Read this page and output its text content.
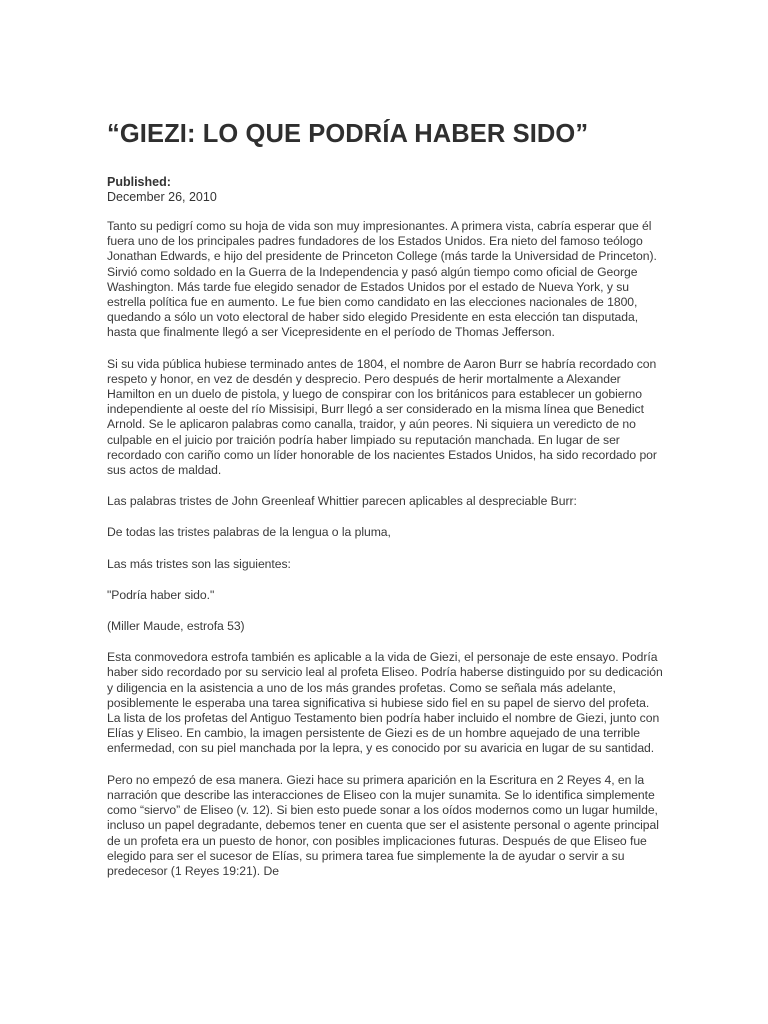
“GIEZI: LO QUE PODRÍA HABER SIDO”
Published:
December 26, 2010

Tanto su pedigrí como su hoja de vida son muy impresionantes. A primera vista, cabría esperar que él fuera uno de los principales padres fundadores de los Estados Unidos. Era nieto del famoso teólogo Jonathan Edwards, e hijo del presidente de Princeton College (más tarde la Universidad de Princeton). Sirvió como soldado en la Guerra de la Independencia y pasó algún tiempo como oficial de George Washington. Más tarde fue elegido senador de Estados Unidos por el estado de Nueva York, y su estrella política fue en aumento. Le fue bien como candidato en las elecciones nacionales de 1800, quedando a sólo un voto electoral de haber sido elegido Presidente en esta elección tan disputada, hasta que finalmente llegó a ser Vicepresidente en el período de Thomas Jefferson.

Si su vida pública hubiese terminado antes de 1804, el nombre de Aaron Burr se habría recordado con respeto y honor, en vez de desdén y desprecio. Pero después de herir mortalmente a Alexander Hamilton en un duelo de pistola, y luego de conspirar con los británicos para establecer un gobierno independiente al oeste del río Missisipi, Burr llegó a ser considerado en la misma línea que Benedict Arnold. Se le aplicaron palabras como canalla, traidor, y aún peores. Ni siquiera un veredicto de no culpable en el juicio por traición podría haber limpiado su reputación manchada. En lugar de ser recordado con cariño como un líder honorable de los nacientes Estados Unidos, ha sido recordado por sus actos de maldad.

Las palabras tristes de John Greenleaf Whittier parecen aplicables al despreciable Burr:

De todas las tristes palabras de la lengua o la pluma,

Las más tristes son las siguientes:

"Podría haber sido."

(Miller Maude, estrofa 53)

Esta conmovedora estrofa también es aplicable a la vida de Giezi, el personaje de este ensayo. Podría haber sido recordado por su servicio leal al profeta Eliseo. Podría haberse distinguido por su dedicación y diligencia en la asistencia a uno de los más grandes profetas. Como se señala más adelante, posiblemente le esperaba una tarea significativa si hubiese sido fiel en su papel de siervo del profeta. La lista de los profetas del Antiguo Testamento bien podría haber incluido el nombre de Giezi, junto con Elías y Eliseo. En cambio, la imagen persistente de Giezi es de un hombre aquejado de una terrible enfermedad, con su piel manchada por la lepra, y es conocido por su avaricia en lugar de su santidad.

Pero no empezó de esa manera. Giezi hace su primera aparición en la Escritura en 2 Reyes 4, en la narración que describe las interacciones de Eliseo con la mujer sunamita. Se lo identifica simplemente como “siervo” de Eliseo (v. 12). Si bien esto puede sonar a los oídos modernos como un lugar humilde, incluso un papel degradante, debemos tener en cuenta que ser el asistente personal o agente principal de un profeta era un puesto de honor, con posibles implicaciones futuras. Después de que Eliseo fue elegido para ser el sucesor de Elías, su primera tarea fue simplemente la de ayudar o servir a su predecesor (1 Reyes 19:21). De
